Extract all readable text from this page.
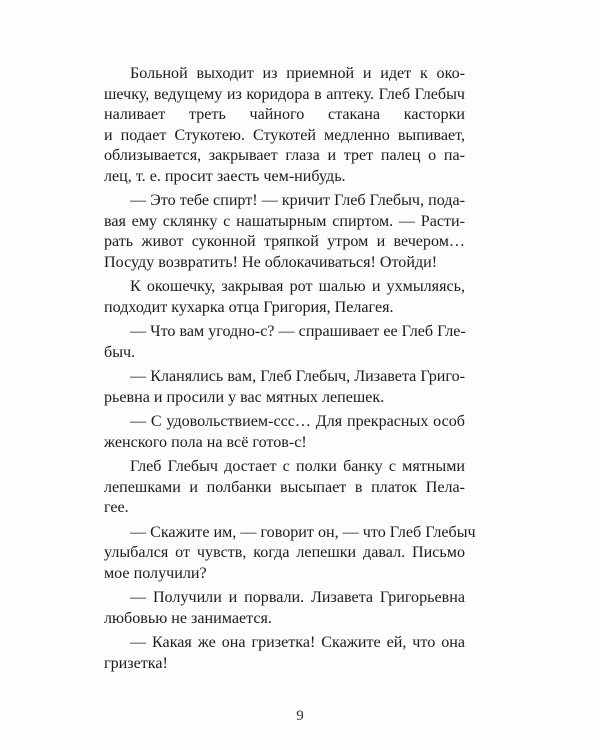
Больной выходит из приемной и идет к око-
шечку, ведущему из коридора в аптеку. Глеб Глебыч
наливает треть чайного стакана касторки
и подает Стукотею. Стукотей медленно выпивает,
облизывается, закрывает глаза и трет палец о па-
лец, т. е. просит заесть чем-нибудь.

— Это тебе спирт! — кричит Глеб Глебыч, пода-
вая ему склянку с нашатырным спиртом. — Расти-
рать живот суконной тряпкой утром и вечером…
Посуду возвратить! Не облокачиваться! Отойди!

К окошечку, закрывая рот шалью и ухмыляясь,
подходит кухарка отца Григория, Пелагея.

— Что вам угодно-с? — спрашивает ее Глеб Гле-
быч.

— Кланялись вам, Глеб Глебыч, Лизавета Григо-
рьевна и просили у вас мятных лепешек.

— С удовольствием-ссс… Для прекрасных особ
женского пола на всё готов-с!

Глеб Глебыч достает с полки банку с мятными
лепешками и полбанки высыпает в платок Пела-
гее.

— Скажите им, — говорит он, — что Глеб Глебыч
улыбался от чувств, когда лепешки давал. Письмо
мое получили?

— Получили и порвали. Лизавета Григорьевна
любовью не занимается.

— Какая же она гризетка! Скажите ей, что она
гризетка!

9
